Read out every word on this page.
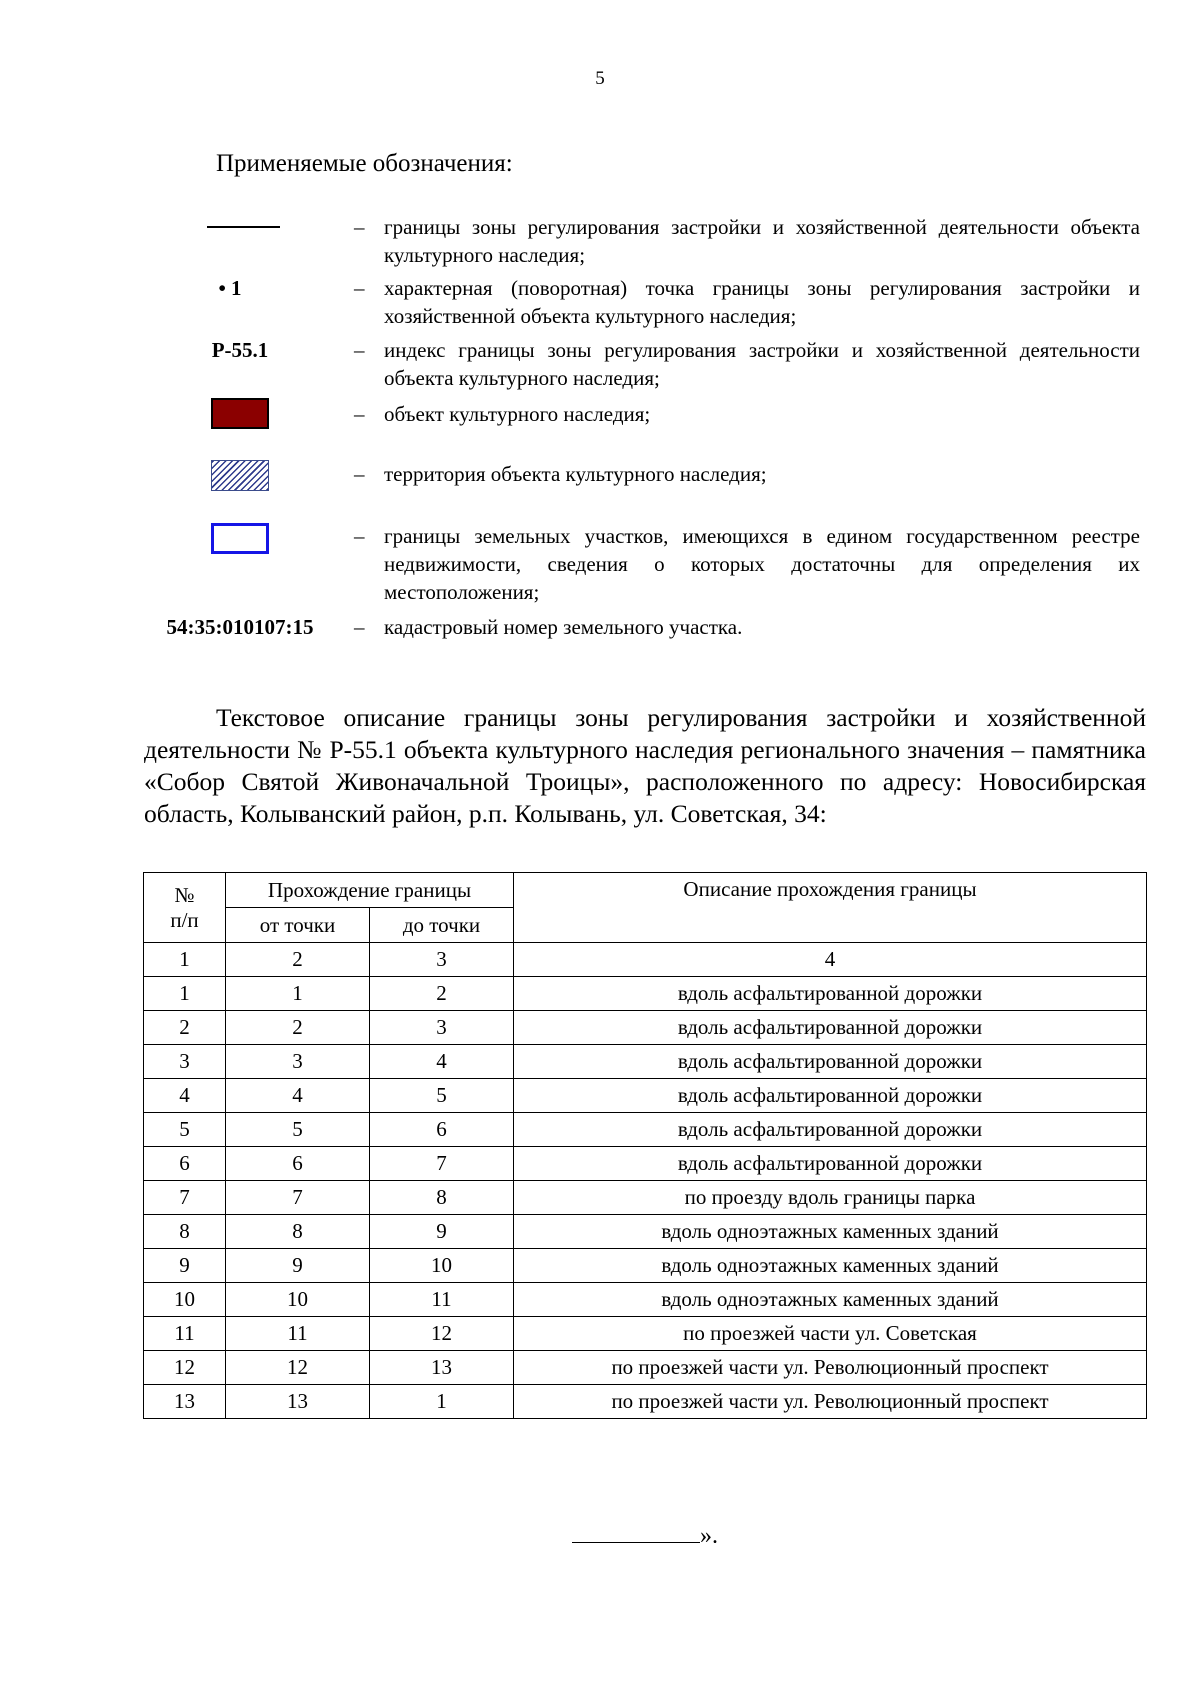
5
Применяемые обозначения:
– границы зоны регулирования застройки и хозяйственной деятельности объекта культурного наследия;
• 1	– характерная (поворотная) точка границы зоны регулирования застройки и хозяйственной объекта культурного наследия;
Р-55.1	– индекс границы зоны регулирования застройки и хозяйственной деятельности объекта культурного наследия;
– объект культурного наследия;
– территория объекта культурного наследия;
– границы земельных участков, имеющихся в едином государственном реестре недвижимости, сведения о которых достаточны для определения их местоположения;
54:35:010107:15	– кадастровый номер земельного участка.

Текстовое описание границы зоны регулирования застройки и хозяйственной деятельности № Р-55.1 объекта культурного наследия регионального значения – памятника «Собор Святой Живоначальной Троицы», расположенного по адресу: Новосибирская область, Колыванский район, р.п. Колывань, ул. Советская, 34:

№ п/п	Прохождение границы		Описание прохождения границы
	от точки	до точки	
1	2	3	4
1	1	2	вдоль асфальтированной дорожки
2	2	3	вдоль асфальтированной дорожки
3	3	4	вдоль асфальтированной дорожки
4	4	5	вдоль асфальтированной дорожки
5	5	6	вдоль асфальтированной дорожки
6	6	7	вдоль асфальтированной дорожки
7	7	8	по проезду вдоль границы парка
8	8	9	вдоль одноэтажных каменных зданий
9	9	10	вдоль одноэтажных каменных зданий
10	10	11	вдоль одноэтажных каменных зданий
11	11	12	по проезжей части ул. Советская
12	12	13	по проезжей части ул. Революционный проспект
13	13	1	по проезжей части ул. Революционный проспект
».
